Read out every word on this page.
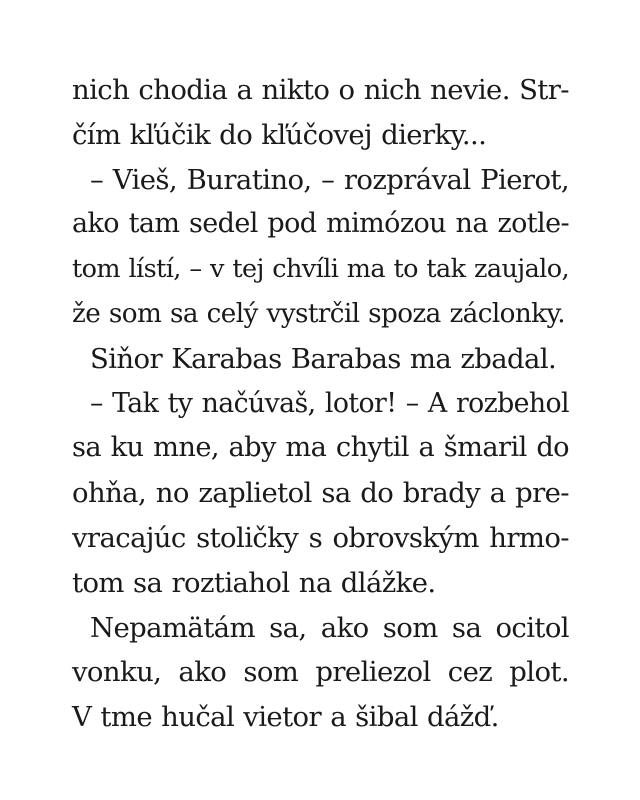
nich chodia a nikto o nich nevie. Str-
čím kľúčik do kľúčovej dierky...
– Vieš, Buratino, – rozprával Pierot,
ako tam sedel pod mimózou na zotle-
tom lístí, – v tej chvíli ma to tak zaujalo,
že som sa celý vystrčil spoza záclonky.
Siňor Karabas Barabas ma zbadal.
– Tak ty načúvaš, lotor! – A rozbehol
sa ku mne, aby ma chytil a šmaril do
ohňa, no zaplietol sa do brady a pre-
vracajúc stoličky s obrovským hrmo-
tom sa roztiahol na dlážke.
Nepamätám sa, ako som sa ocitol
vonku, ako som preliezol cez plot.
V tme hučal vietor a šibal dážď.
